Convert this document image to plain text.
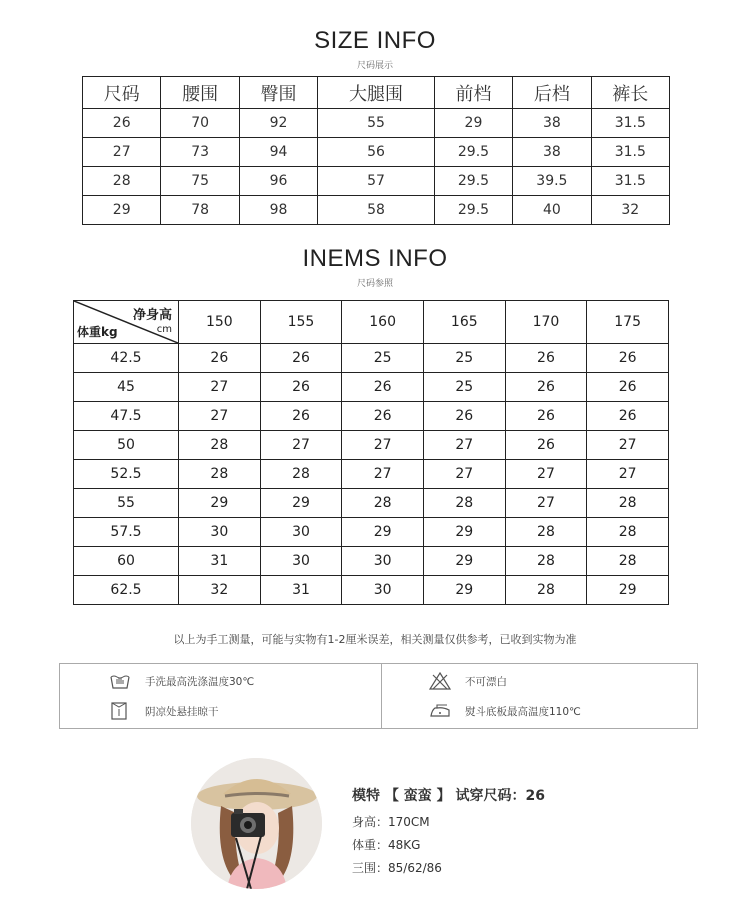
SIZE INFO
尺码展示
尺码	腰围	臀围	大腿围	前档	后档	裤长
26	70	92	55	29	38	31.5
27	73	94	56	29.5	38	31.5
28	75	96	57	29.5	39.5	31.5
29	78	98	58	29.5	40	32
INEMS INFO
尺码参照
净身高
cm
体重kg	150	155	160	165	170	175
42.5	26	26	25	25	26	26
45	27	26	26	25	26	26
47.5	27	26	26	26	26	26
50	28	27	27	27	26	27
52.5	28	28	27	27	27	27
55	29	29	28	28	27	28
57.5	30	30	29	29	28	28
60	31	30	30	29	28	28
62.5	32	31	30	29	28	29
以上为手工测量，可能与实物有1-2厘米误差，相关测量仅供参考，已收到实物为准
手洗最高洗涤温度30℃
阴凉处悬挂晾干
不可漂白
熨斗底板最高温度110℃
模特 【 蛮蛮 】 试穿尺码：26
身高：170CM
体重：48KG
三围：85/62/86
